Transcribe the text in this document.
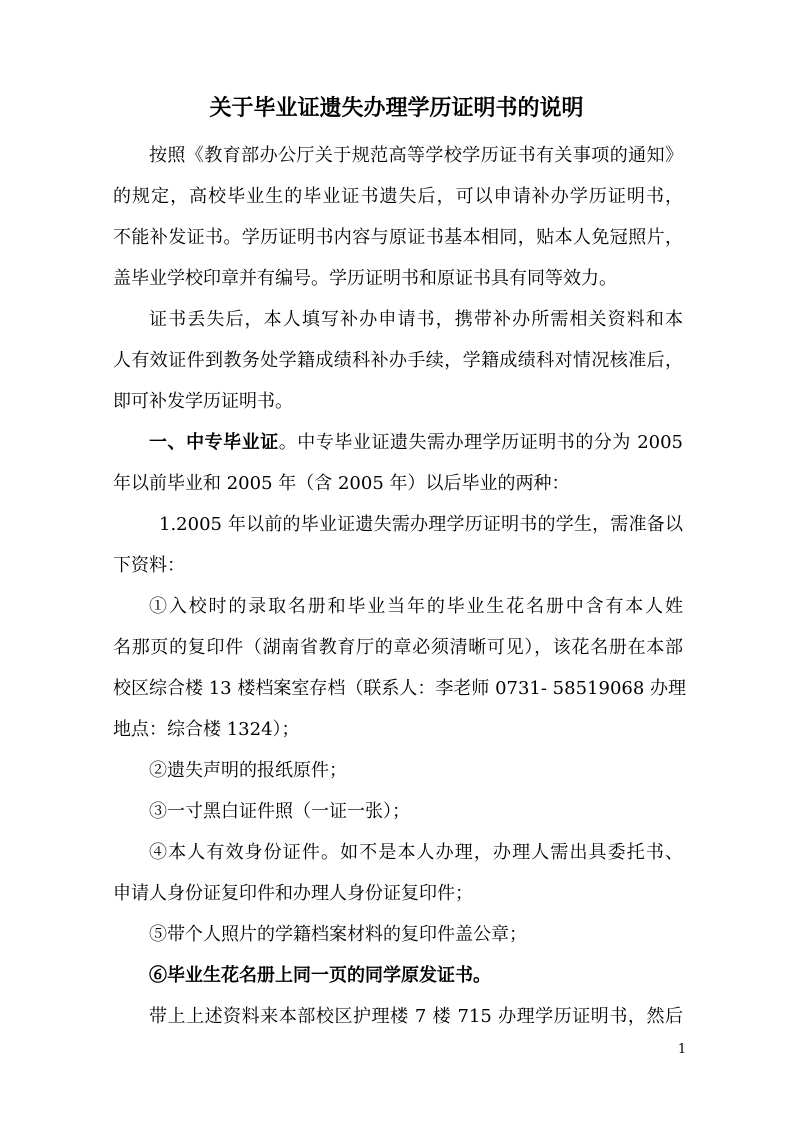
关于毕业证遗失办理学历证明书的说明

按照《教育部办公厅关于规范高等学校学历证书有关事项的通知》

的规定，高校毕业生的毕业证书遗失后，可以申请补办学历证明书，

不能补发证书。学历证明书内容与原证书基本相同，贴本人免冠照片，

盖毕业学校印章并有编号。学历证明书和原证书具有同等效力。

证书丢失后，本人填写补办申请书，携带补办所需相关资料和本

人有效证件到教务处学籍成绩科补办手续，学籍成绩科对情况核准后，

即可补发学历证明书。

一、中专毕业证。中专毕业证遗失需办理学历证明书的分为 2005

年以前毕业和 2005 年（含 2005 年）以后毕业的两种：

1.2005 年以前的毕业证遗失需办理学历证明书的学生，需准备以

下资料：

①入校时的录取名册和毕业当年的毕业生花名册中含有本人姓

名那页的复印件（湖南省教育厅的章必须清晰可见），该花名册在本部

校区综合楼 13 楼档案室存档（联系人：李老师 0731- 58519068 办理

地点：综合楼 1324）；

②遗失声明的报纸原件；

③一寸黑白证件照（一证一张）；

④本人有效身份证件。如不是本人办理，办理人需出具委托书、

申请人身份证复印件和办理人身份证复印件；

⑤带个人照片的学籍档案材料的复印件盖公章；

⑥毕业生花名册上同一页的同学原发证书。

带上上述资料来本部校区护理楼 7 楼 715 办理学历证明书，然后

1
